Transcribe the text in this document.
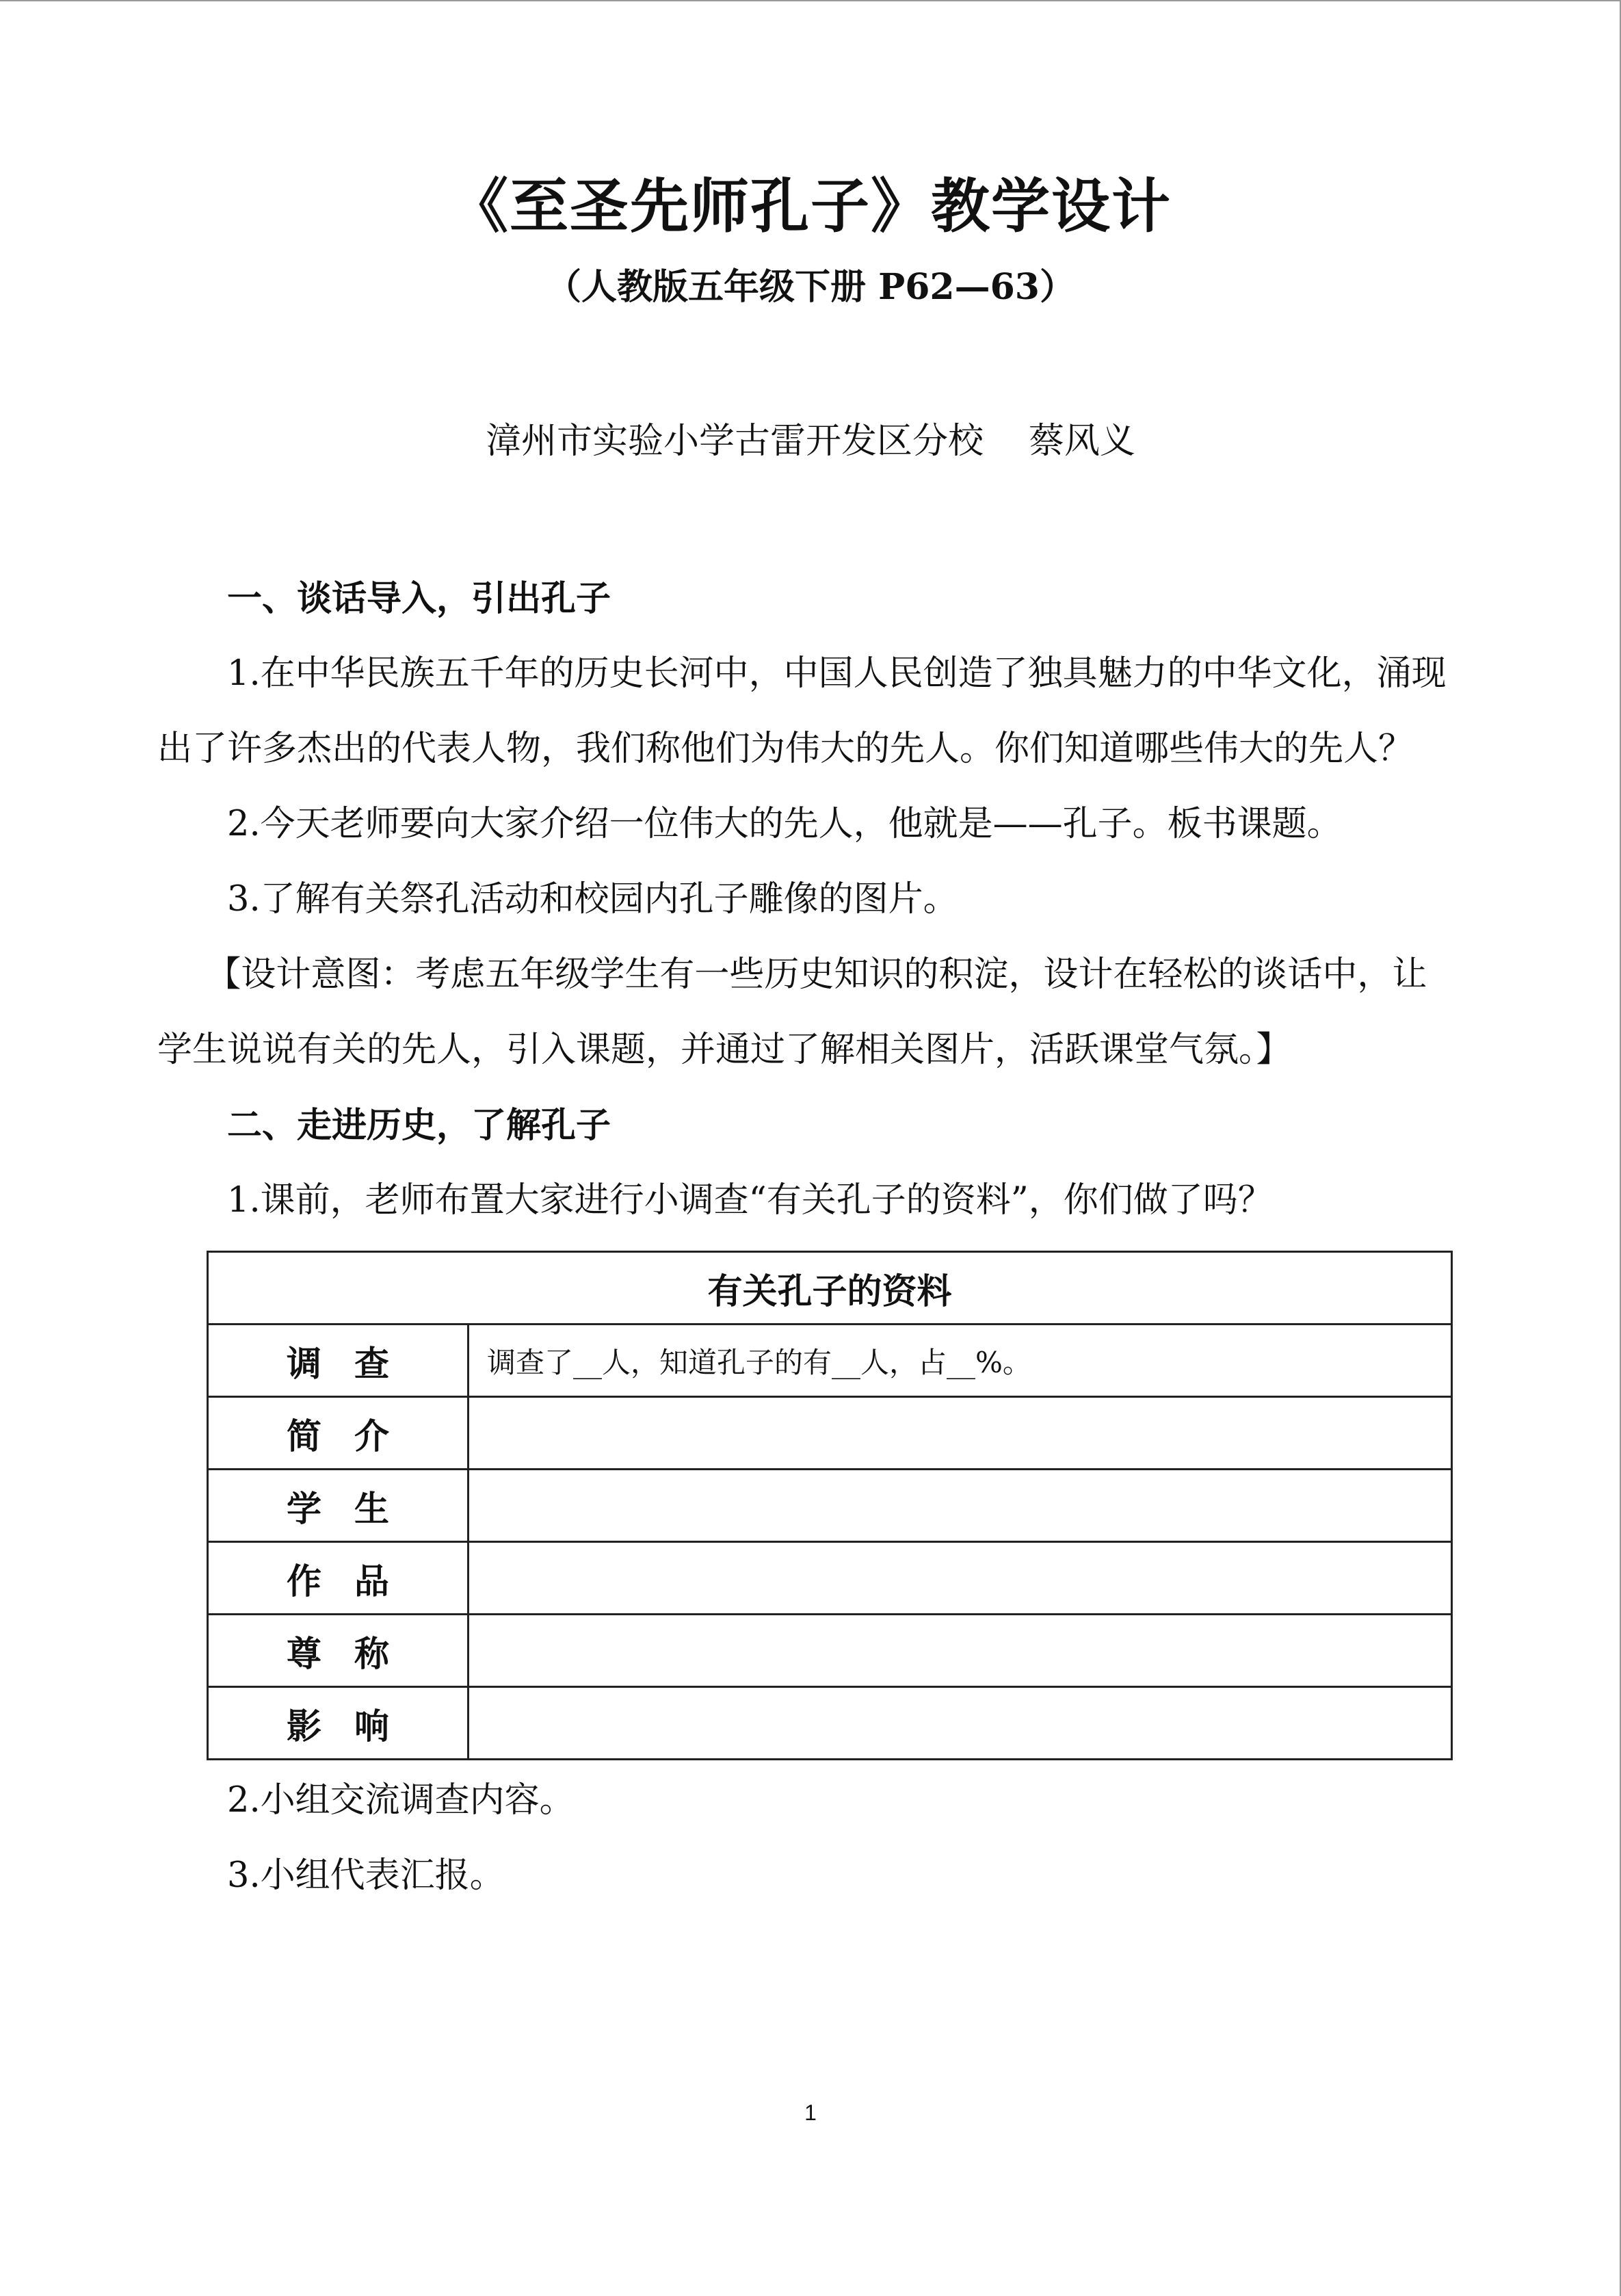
《至圣先师孔子》教学设计
（人教版五年级下册 P62—63）
漳州市实验小学古雷开发区分校    蔡风义

一、谈话导入，引出孔子

1.在中华民族五千年的历史长河中，中国人民创造了独具魅力的中华文化，涌现出了许多杰出的代表人物，我们称他们为伟大的先人。你们知道哪些伟大的先人？

2.今天老师要向大家介绍一位伟大的先人，他就是——孔子。板书课题。

3.了解有关祭孔活动和校园内孔子雕像的图片。

【设计意图：考虑五年级学生有一些历史知识的积淀，设计在轻松的谈话中，让学生说说有关的先人，引入课题，并通过了解相关图片，活跃课堂气氛。】

二、走进历史，了解孔子

1.课前，老师布置大家进行小调查“有关孔子的资料”，你们做了吗？

有关孔子的资料	
调查	调查了__人，知道孔子的有__人，占__%。
简介	
学生	
作品	
尊称	
影响	

2.小组交流调查内容。

3.小组代表汇报。

1
